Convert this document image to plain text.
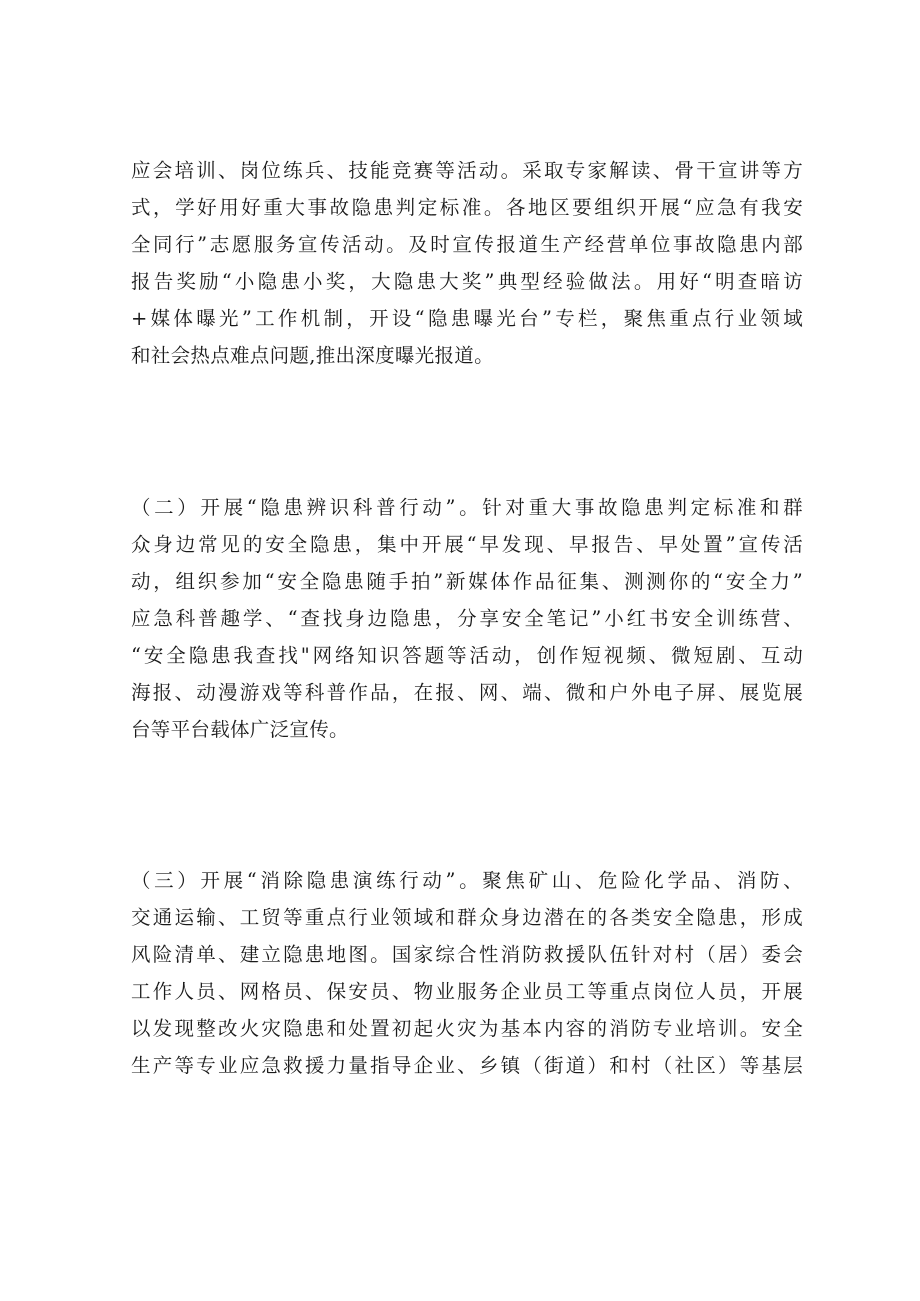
应会培训、岗位练兵、技能竞赛等活动。采取专家解读、骨干宣讲等方
式，学好用好重大事故隐患判定标准。各地区要组织开展“应急有我安
全同行”志愿服务宣传活动。及时宣传报道生产经营单位事故隐患内部
报告奖励“小隐患小奖，大隐患大奖”典型经验做法。用好“明查暗访
+媒体曝光”工作机制，开设“隐患曝光台”专栏，聚焦重点行业领域
和社会热点难点问题,推出深度曝光报道。
（二）开展“隐患辨识科普行动”。针对重大事故隐患判定标准和群
众身边常见的安全隐患，集中开展“早发现、早报告、早处置”宣传活
动，组织参加“安全隐患随手拍”新媒体作品征集、测测你的“安全力”
应急科普趣学、“查找身边隐患，分享安全笔记”小红书安全训练营、
“安全隐患我查找"网络知识答题等活动，创作短视频、微短剧、互动
海报、动漫游戏等科普作品，在报、网、端、微和户外电子屏、展览展
台等平台载体广泛宣传。
（三）开展“消除隐患演练行动”。聚焦矿山、危险化学品、消防、
交通运输、工贸等重点行业领域和群众身边潜在的各类安全隐患，形成
风险清单、建立隐患地图。国家综合性消防救援队伍针对村（居）委会
工作人员、网格员、保安员、物业服务企业员工等重点岗位人员，开展
以发现整改火灾隐患和处置初起火灾为基本内容的消防专业培训。安全
生产等专业应急救援力量指导企业、乡镇（街道）和村（社区）等基层
